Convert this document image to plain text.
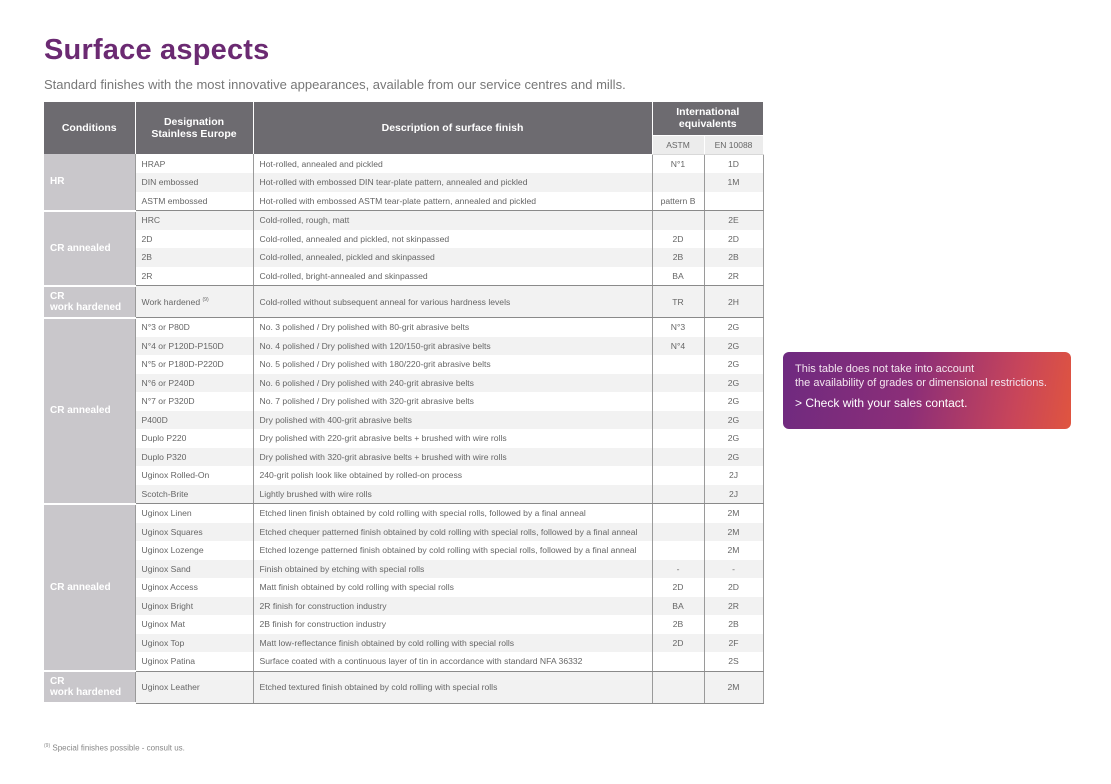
Surface aspects

Standard finishes with the most innovative appearances, available from our service centres and mills.

Conditions	Designation Stainless Europe	Description of surface finish	International equivalents	
			ASTM	EN 10088
HR	HRAP	Hot-rolled, annealed and pickled	N°1	1D
	DIN embossed	Hot-rolled with embossed DIN tear-plate pattern, annealed and pickled		1M
	ASTM embossed	Hot-rolled with embossed ASTM tear-plate pattern, annealed and pickled	pattern B	
CR annealed	HRC	Cold-rolled, rough, matt		2E
	2D	Cold-rolled, annealed and pickled, not skinpassed	2D	2D
	2B	Cold-rolled, annealed, pickled and skinpassed	2B	2B
	2R	Cold-rolled, bright-annealed and skinpassed	BA	2R
CR
work hardened	Work hardened $^{(9)}$	Cold-rolled without subsequent anneal for various hardness levels	TR	2H
CR annealed	N°3 or P80D	No. 3 polished / Dry polished with 80-grit abrasive belts	N°3	2G
	N°4 or P120D-P150D	No. 4 polished / Dry polished with 120/150-grit abrasive belts	N°4	2G
	N°5 or P180D-P220D	No. 5 polished / Dry polished with 180/220-grit abrasive belts		2G
	N°6 or P240D	No. 6 polished / Dry polished with 240-grit abrasive belts		2G
	N°7 or P320D	No. 7 polished / Dry polished with 320-grit abrasive belts		2G
	P400D	Dry polished with 400-grit abrasive belts		2G
	Duplo P220	Dry polished with 220-grit abrasive belts + brushed with wire rolls		2G
	Duplo P320	Dry polished with 320-grit abrasive belts + brushed with wire rolls		2G
	Uginox Rolled-On	240-grit polish look like obtained by rolled-on process		2J
	Scotch-Brite	Lightly brushed with wire rolls		2J
CR annealed	Uginox Linen	Etched linen finish obtained by cold rolling with special rolls, followed by a final anneal		2M
	Uginox Squares	Etched chequer patterned finish obtained by cold rolling with special rolls, followed by a final anneal		2M
	Uginox Lozenge	Etched lozenge patterned finish obtained by cold rolling with special rolls, followed by a final anneal		2M
	Uginox Sand	Finish obtained by etching with special rolls	-	-
	Uginox Access	Matt finish obtained by cold rolling with special rolls	2D	2D
	Uginox Bright	2R finish for construction industry	BA	2R
	Uginox Mat	2B finish for construction industry	2B	2B
	Uginox Top	Matt low-reflectance finish obtained by cold rolling with special rolls	2D	2F
	Uginox Patina	Surface coated with a continuous layer of tin in accordance with standard NFA 36332		2S
CR
work hardened	Uginox Leather	Etched textured finish obtained by cold rolling with special rolls		2M

This table does not take into account

the availability of grades or dimensional restrictions.

> Check with your sales contact.

$^{(9)}$ Special finishes possible - consult us.
